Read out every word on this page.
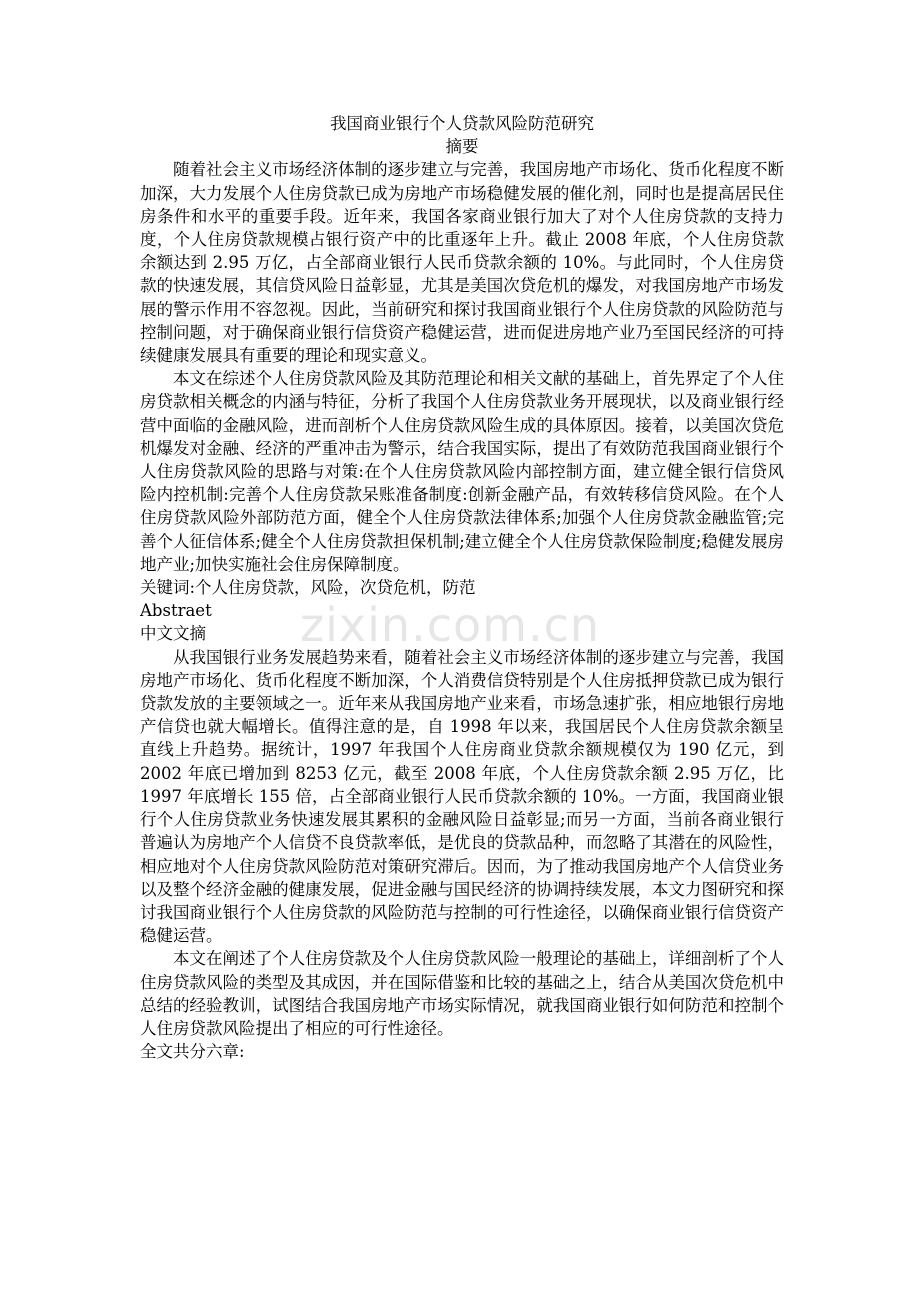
zixin.com.cn
我国商业银行个人贷款风险防范研究
摘要

随着社会主义市场经济体制的逐步建立与完善，我国房地产市场化、货币化程度不断加深，大力发展个人住房贷款已成为房地产市场稳健发展的催化剂，同时也是提高居民住房条件和水平的重要手段。近年来，我国各家商业银行加大了对个人住房贷款的支持力度，个人住房贷款规模占银行资产中的比重逐年上升。截止 2008 年底，个人住房贷款余额达到 2.95 万亿，占全部商业银行人民币贷款余额的 10%。与此同时，个人住房贷款的快速发展，其信贷风险日益彰显，尤其是美国次贷危机的爆发，对我国房地产市场发展的警示作用不容忽视。因此，当前研究和探讨我国商业银行个人住房贷款的风险防范与控制问题，对于确保商业银行信贷资产稳健运营，进而促进房地产业乃至国民经济的可持续健康发展具有重要的理论和现实意义。

本文在综述个人住房贷款风险及其防范理论和相关文献的基础上，首先界定了个人住房贷款相关概念的内涵与特征，分析了我国个人住房贷款业务开展现状，以及商业银行经营中面临的金融风险，进而剖析个人住房贷款风险生成的具体原因。接着，以美国次贷危机爆发对金融、经济的严重冲击为警示，结合我国实际，提出了有效防范我国商业银行个人住房贷款风险的思路与对策:在个人住房贷款风险内部控制方面，建立健全银行信贷风险内控机制:完善个人住房贷款呆账准备制度:创新金融产品，有效转移信贷风险。在个人住房贷款风险外部防范方面，健全个人住房贷款法律体系;加强个人住房贷款金融监管;完善个人征信体系;健全个人住房贷款担保机制;建立健全个人住房贷款保险制度;稳健发展房地产业;加快实施社会住房保障制度。

关键词:个人住房贷款，风险，次贷危机，防范

Abstraet

中文文摘

从我国银行业务发展趋势来看，随着社会主义市场经济体制的逐步建立与完善，我国房地产市场化、货币化程度不断加深，个人消费信贷特别是个人住房抵押贷款已成为银行贷款发放的主要领域之一。近年来从我国房地产业来看，市场急速扩张，相应地银行房地产信贷也就大幅增长。值得注意的是，自 1998 年以来，我国居民个人住房贷款余额呈直线上升趋势。据统计，1997 年我国个人住房商业贷款余额规模仅为 190 亿元，到 2002 年底已增加到 8253 亿元，截至 2008 年底，个人住房贷款余额 2.95 万亿，比 1997 年底增长 155 倍，占全部商业银行人民币贷款余额的 10%。一方面，我国商业银行个人住房贷款业务快速发展其累积的金融风险日益彰显;而另一方面，当前各商业银行普遍认为房地产个人信贷不良贷款率低，是优良的贷款品种，而忽略了其潜在的风险性，相应地对个人住房贷款风险防范对策研究滞后。因而，为了推动我国房地产个人信贷业务以及整个经济金融的健康发展，促进金融与国民经济的协调持续发展，本文力图研究和探讨我国商业银行个人住房贷款的风险防范与控制的可行性途径，以确保商业银行信贷资产稳健运营。

本文在阐述了个人住房贷款及个人住房贷款风险一般理论的基础上，详细剖析了个人住房贷款风险的类型及其成因，并在国际借鉴和比较的基础之上，结合从美国次贷危机中总结的经验教训，试图结合我国房地产市场实际情况，就我国商业银行如何防范和控制个人住房贷款风险提出了相应的可行性途径。

全文共分六章:
